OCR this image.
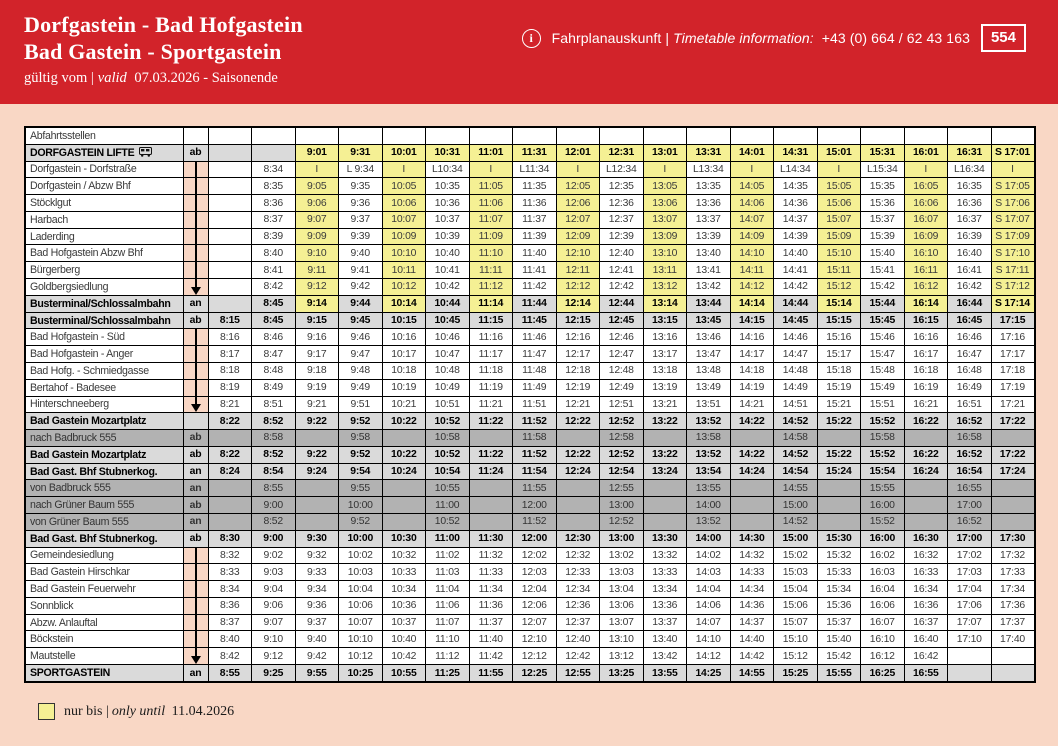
Dorfgastein - Bad Hofgastein
Bad Gastein - Sportgastein
gültig vom | valid 07.03.2026 - Saisonende
i	Fahrplanauskunft | Timetable information: +43 (0) 664 / 62 43 163	554
Abfahrtsstellen																				
DORFGASTEIN LIFTE	ab			9:01	9:31	10:01	10:31	11:01	11:31	12:01	12:31	13:01	13:31	14:01	14:31	15:01	15:31	16:01	16:31	S 17:01
Dorfgastein - Dorfstraße			8:34	I	L 9:34	I	L10:34	I	L11:34	I	L12:34	I	L13:34	I	L14:34	I	L15:34	I	L16:34	I
Dorfgastein / Abzw Bhf			8:35	9:05	9:35	10:05	10:35	11:05	11:35	12:05	12:35	13:05	13:35	14:05	14:35	15:05	15:35	16:05	16:35	S 17:05
Stöcklgut			8:36	9:06	9:36	10:06	10:36	11:06	11:36	12:06	12:36	13:06	13:36	14:06	14:36	15:06	15:36	16:06	16:36	S 17:06
Harbach			8:37	9:07	9:37	10:07	10:37	11:07	11:37	12:07	12:37	13:07	13:37	14:07	14:37	15:07	15:37	16:07	16:37	S 17:07
Laderding			8:39	9:09	9:39	10:09	10:39	11:09	11:39	12:09	12:39	13:09	13:39	14:09	14:39	15:09	15:39	16:09	16:39	S 17:09
Bad Hofgastein Abzw Bhf			8:40	9:10	9:40	10:10	10:40	11:10	11:40	12:10	12:40	13:10	13:40	14:10	14:40	15:10	15:40	16:10	16:40	S 17:10
Bürgerberg			8:41	9:11	9:41	10:11	10:41	11:11	11:41	12:11	12:41	13:11	13:41	14:11	14:41	15:11	15:41	16:11	16:41	S 17:11
Goldbergsiedlung			8:42	9:12	9:42	10:12	10:42	11:12	11:42	12:12	12:42	13:12	13:42	14:12	14:42	15:12	15:42	16:12	16:42	S 17:12
Busterminal/Schlossalmbahn	an		8:45	9:14	9:44	10:14	10:44	11:14	11:44	12:14	12:44	13:14	13:44	14:14	14:44	15:14	15:44	16:14	16:44	S 17:14
Busterminal/Schlossalmbahn	ab	8:15	8:45	9:15	9:45	10:15	10:45	11:15	11:45	12:15	12:45	13:15	13:45	14:15	14:45	15:15	15:45	16:15	16:45	17:15
Bad Hofgastein - Süd		8:16	8:46	9:16	9:46	10:16	10:46	11:16	11:46	12:16	12:46	13:16	13:46	14:16	14:46	15:16	15:46	16:16	16:46	17:16
Bad Hofgastein - Anger		8:17	8:47	9:17	9:47	10:17	10:47	11:17	11:47	12:17	12:47	13:17	13:47	14:17	14:47	15:17	15:47	16:17	16:47	17:17
Bad Hofg. - Schmiedgasse		8:18	8:48	9:18	9:48	10:18	10:48	11:18	11:48	12:18	12:48	13:18	13:48	14:18	14:48	15:18	15:48	16:18	16:48	17:18
Bertahof - Badesee		8:19	8:49	9:19	9:49	10:19	10:49	11:19	11:49	12:19	12:49	13:19	13:49	14:19	14:49	15:19	15:49	16:19	16:49	17:19
Hinterschneeberg		8:21	8:51	9:21	9:51	10:21	10:51	11:21	11:51	12:21	12:51	13:21	13:51	14:21	14:51	15:21	15:51	16:21	16:51	17:21
Bad Gastein Mozartplatz		8:22	8:52	9:22	9:52	10:22	10:52	11:22	11:52	12:22	12:52	13:22	13:52	14:22	14:52	15:22	15:52	16:22	16:52	17:22
nach Badbruck 555	ab		8:58		9:58		10:58		11:58		12:58		13:58		14:58		15:58		16:58	
Bad Gastein Mozartplatz	ab	8:22	8:52	9:22	9:52	10:22	10:52	11:22	11:52	12:22	12:52	13:22	13:52	14:22	14:52	15:22	15:52	16:22	16:52	17:22
Bad Gast. Bhf Stubnerkog.	an	8:24	8:54	9:24	9:54	10:24	10:54	11:24	11:54	12:24	12:54	13:24	13:54	14:24	14:54	15:24	15:54	16:24	16:54	17:24
von Badbruck 555	an		8:55		9:55		10:55		11:55		12:55		13:55		14:55		15:55		16:55	
nach Grüner Baum 555	ab		9:00		10:00		11:00		12:00		13:00		14:00		15:00		16:00		17:00	
von Grüner Baum 555	an		8:52		9:52		10:52		11:52		12:52		13:52		14:52		15:52		16:52	
Bad Gast. Bhf Stubnerkog.	ab	8:30	9:00	9:30	10:00	10:30	11:00	11:30	12:00	12:30	13:00	13:30	14:00	14:30	15:00	15:30	16:00	16:30	17:00	17:30
Gemeindesiedlung		8:32	9:02	9:32	10:02	10:32	11:02	11:32	12:02	12:32	13:02	13:32	14:02	14:32	15:02	15:32	16:02	16:32	17:02	17:32
Bad Gastein Hirschkar		8:33	9:03	9:33	10:03	10:33	11:03	11:33	12:03	12:33	13:03	13:33	14:03	14:33	15:03	15:33	16:03	16:33	17:03	17:33
Bad Gastein Feuerwehr		8:34	9:04	9:34	10:04	10:34	11:04	11:34	12:04	12:34	13:04	13:34	14:04	14:34	15:04	15:34	16:04	16:34	17:04	17:34
Sonnblick		8:36	9:06	9:36	10:06	10:36	11:06	11:36	12:06	12:36	13:06	13:36	14:06	14:36	15:06	15:36	16:06	16:36	17:06	17:36
Abzw. Anlauftal		8:37	9:07	9:37	10:07	10:37	11:07	11:37	12:07	12:37	13:07	13:37	14:07	14:37	15:07	15:37	16:07	16:37	17:07	17:37
Böckstein		8:40	9:10	9:40	10:10	10:40	11:10	11:40	12:10	12:40	13:10	13:40	14:10	14:40	15:10	15:40	16:10	16:40	17:10	17:40
Mautstelle		8:42	9:12	9:42	10:12	10:42	11:12	11:42	12:12	12:42	13:12	13:42	14:12	14:42	15:12	15:42	16:12	16:42		
SPORTGASTEIN	an	8:55	9:25	9:55	10:25	10:55	11:25	11:55	12:25	12:55	13:25	13:55	14:25	14:55	15:25	15:55	16:25	16:55		
nur bis | only until 11.04.2026
